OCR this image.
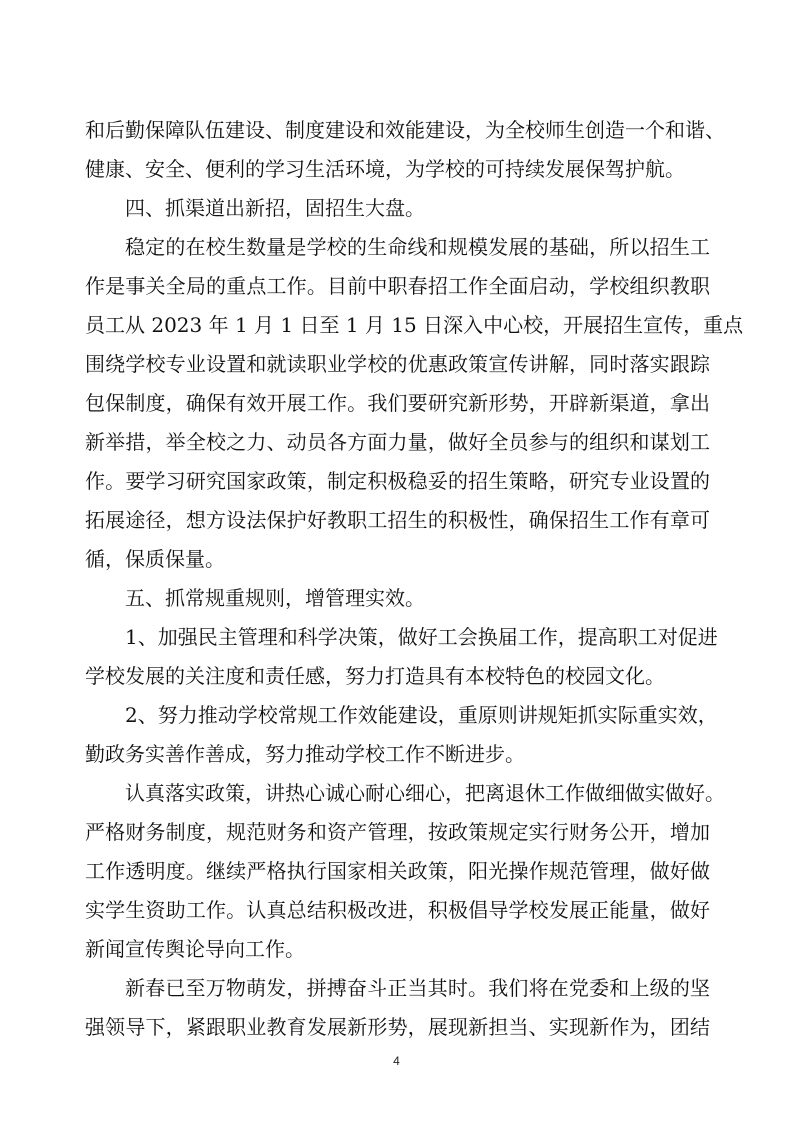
和后勤保障队伍建设、制度建设和效能建设，为全校师生创造一个和谐、
健康、安全、便利的学习生活环境，为学校的可持续发展保驾护航。
四、抓渠道出新招，固招生大盘。
稳定的在校生数量是学校的生命线和规模发展的基础，所以招生工
作是事关全局的重点工作。目前中职春招工作全面启动，学校组织教职
员工从 2023 年 1 月 1 日至 1 月 15 日深入中心校，开展招生宣传，重点
围绕学校专业设置和就读职业学校的优惠政策宣传讲解，同时落实跟踪
包保制度，确保有效开展工作。我们要研究新形势，开辟新渠道，拿出
新举措，举全校之力、动员各方面力量，做好全员参与的组织和谋划工
作。要学习研究国家政策，制定积极稳妥的招生策略，研究专业设置的
拓展途径，想方设法保护好教职工招生的积极性，确保招生工作有章可
循，保质保量。
五、抓常规重规则，增管理实效。
1、加强民主管理和科学决策，做好工会换届工作，提高职工对促进
学校发展的关注度和责任感，努力打造具有本校特色的校园文化。
2、努力推动学校常规工作效能建设，重原则讲规矩抓实际重实效，
勤政务实善作善成，努力推动学校工作不断进步。
认真落实政策，讲热心诚心耐心细心，把离退休工作做细做实做好。
严格财务制度，规范财务和资产管理，按政策规定实行财务公开，增加
工作透明度。继续严格执行国家相关政策，阳光操作规范管理，做好做
实学生资助工作。认真总结积极改进，积极倡导学校发展正能量，做好
新闻宣传舆论导向工作。
新春已至万物萌发，拼搏奋斗正当其时。我们将在党委和上级的坚
强领导下，紧跟职业教育发展新形势，展现新担当、实现新作为，团结
4
